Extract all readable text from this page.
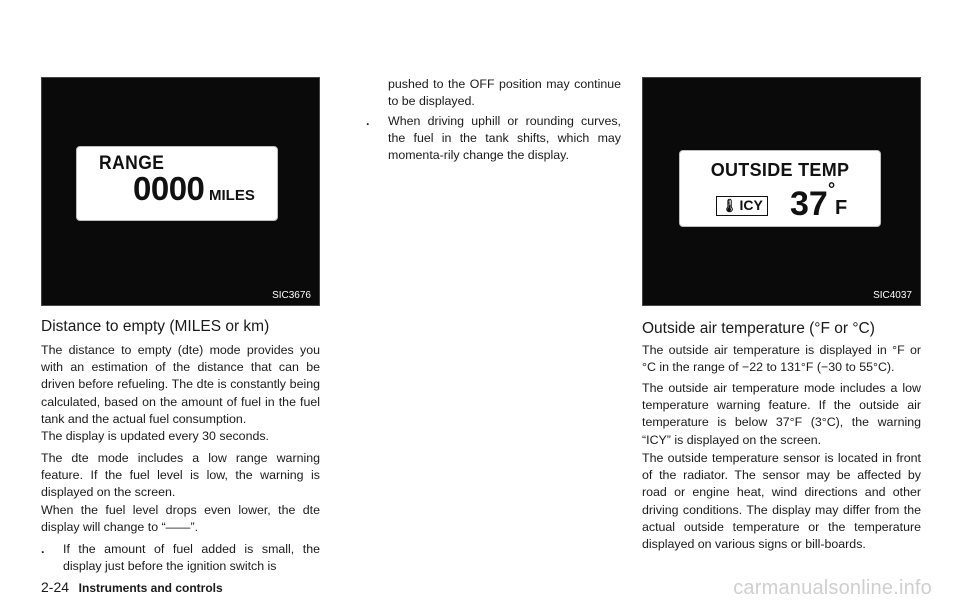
RANGE
0000 MILES
SIC3676
Distance to empty (MILES or km)

The distance to empty (dte) mode provides you with an estimation of the distance that can be driven before refueling. The dte is constantly being calculated, based on the amount of fuel in the fuel tank and the actual fuel consumption.

The display is updated every 30 seconds.

The dte mode includes a low range warning feature. If the fuel level is low, the warning is displayed on the screen.

When the fuel level drops even lower, the dte display will change to “——”.

. If the amount of fuel added is small, the display just before the ignition switch is
pushed to the OFF position may continue to be displayed.
. When driving uphill or rounding curves, the fuel in the tank shifts, which may momenta-rily change the display.
OUTSIDE TEMP
🌡︎ ICY 37 °
F
SIC4037
Outside air temperature (°F or °C)

The outside air temperature is displayed in °F or °C in the range of −22 to 131°F (−30 to 55°C).

The outside air temperature mode includes a low temperature warning feature. If the outside air temperature is below 37°F (3°C), the warning “ICY” is displayed on the screen.

The outside temperature sensor is located in front of the radiator. The sensor may be affected by road or engine heat, wind directions and other driving conditions. The display may differ from the actual outside temperature or the temperature displayed on various signs or bill-boards.

2-24 Instruments and controls	carmanualsonline.info
